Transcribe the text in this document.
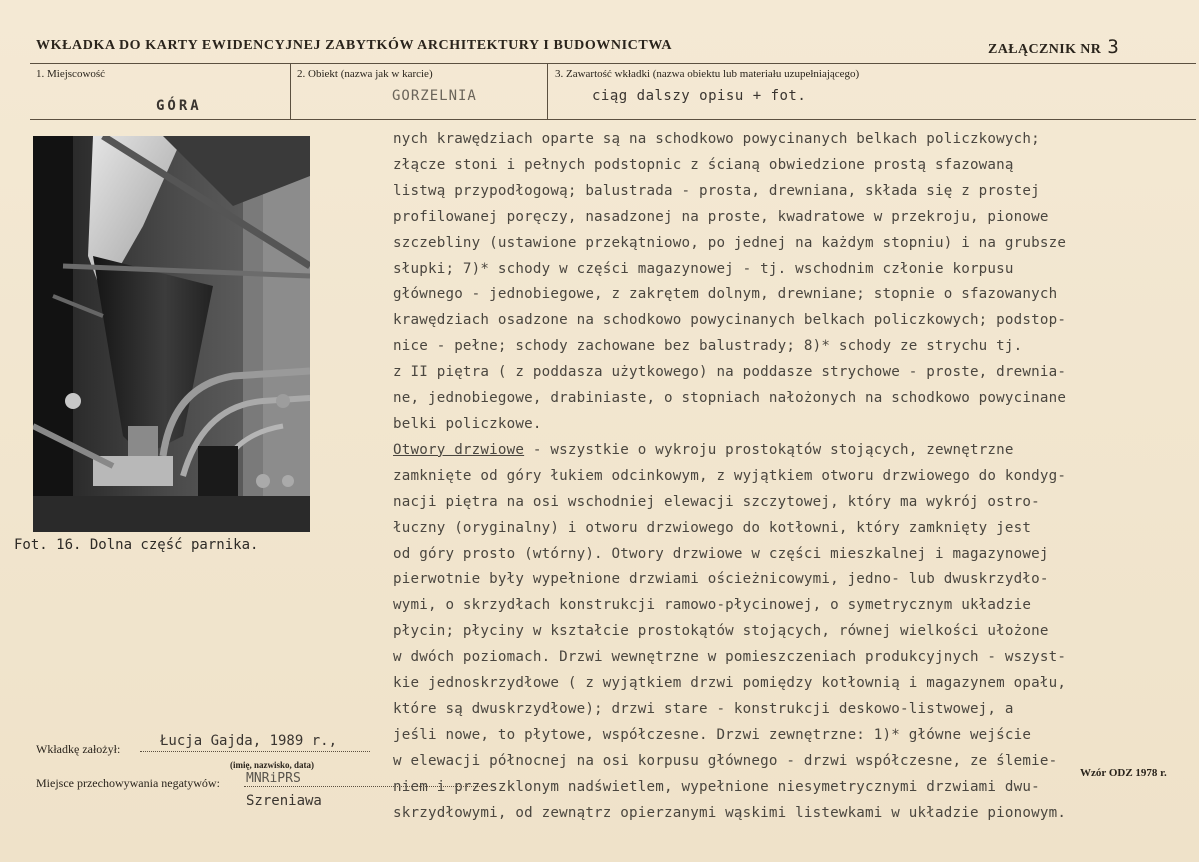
WKŁADKA DO KARTY EWIDENCYJNEJ ZABYTKÓW ARCHITEKTURY I BUDOWNICTWA	ZAŁĄCZNIK NR 3
1. Miejscowość
GÓRA
2. Obiekt (nazwa jak w karcie)
GORZELNIA
3. Zawartość wkładki (nazwa obiektu lub materiału uzupełniającego)
ciąg dalszy opisu + fot.
Fot. 16. Dolna część parnika.
nych krawędziach oparte są na schodkowo powycinanych belkach policzkowych;
złącze stoni i pełnych podstopnic z ścianą obwiedzione prostą sfazowaną
listwą przypodłogową; balustrada - prosta, drewniana, składa się z prostej
profilowanej poręczy, nasadzonej na proste, kwadratowe w przekroju, pionowe
szczebliny (ustawione przekątniowo, po jednej na każdym stopniu) i na grubsze
słupki; 7)* schody w części magazynowej - tj. wschodnim członie korpusu
głównego - jednobiegowe, z zakrętem dolnym, drewniane; stopnie o sfazowanych
krawędziach osadzone na schodkowo powycinanych belkach policzkowych; podstop-
nice - pełne; schody zachowane bez balustrady; 8)* schody ze strychu tj.
z II piętra ( z poddasza użytkowego) na poddasze strychowe - proste, drewnia-
ne, jednobiegowe, drabiniaste, o stopniach nałożonych na schodkowo powycinane
belki policzkowe.
Otwory drzwiowe - wszystkie o wykroju prostokątów stojących, zewnętrzne
zamknięte od góry łukiem odcinkowym, z wyjątkiem otworu drzwiowego do kondyg-
nacji piętra na osi wschodniej elewacji szczytowej, który ma wykrój ostro-
łuczny (oryginalny) i otworu drzwiowego do kotłowni, który zamknięty jest
od góry prosto (wtórny). Otwory drzwiowe w części mieszkalnej i magazynowej
pierwotnie były wypełnione drzwiami ościeżnicowymi, jedno- lub dwuskrzydło-
wymi, o skrzydłach konstrukcji ramowo-płycinowej, o symetrycznym układzie
płycin; płyciny w kształcie prostokątów stojących, równej wielkości ułożone
w dwóch poziomach. Drzwi wewnętrzne w pomieszczeniach produkcyjnych - wszyst-
kie jednoskrzydłowe ( z wyjątkiem drzwi pomiędzy kotłownią i magazynem opału,
które są dwuskrzydłowe); drzwi stare - konstrukcji deskowo-listwowej, a
jeśli nowe, to płytowe, współczesne. Drzwi zewnętrzne: 1)* główne wejście
w elewacji północnej na osi korpusu głównego - drzwi współczesne, ze ślemie-
niem i przeszklonym nadświetlem, wypełnione niesymetrycznymi drzwiami dwu-
skrzydłowymi, od zewnątrz opierzanymi wąskimi listewkami w układzie pionowym.
Wkładkę założył:	Łucja Gajda, 1989 r.,
(imię, nazwisko, data)
Miejsce przechowywania negatywów: MNRiPRS
Szreniawa
Wzór ODZ 1978 r.
